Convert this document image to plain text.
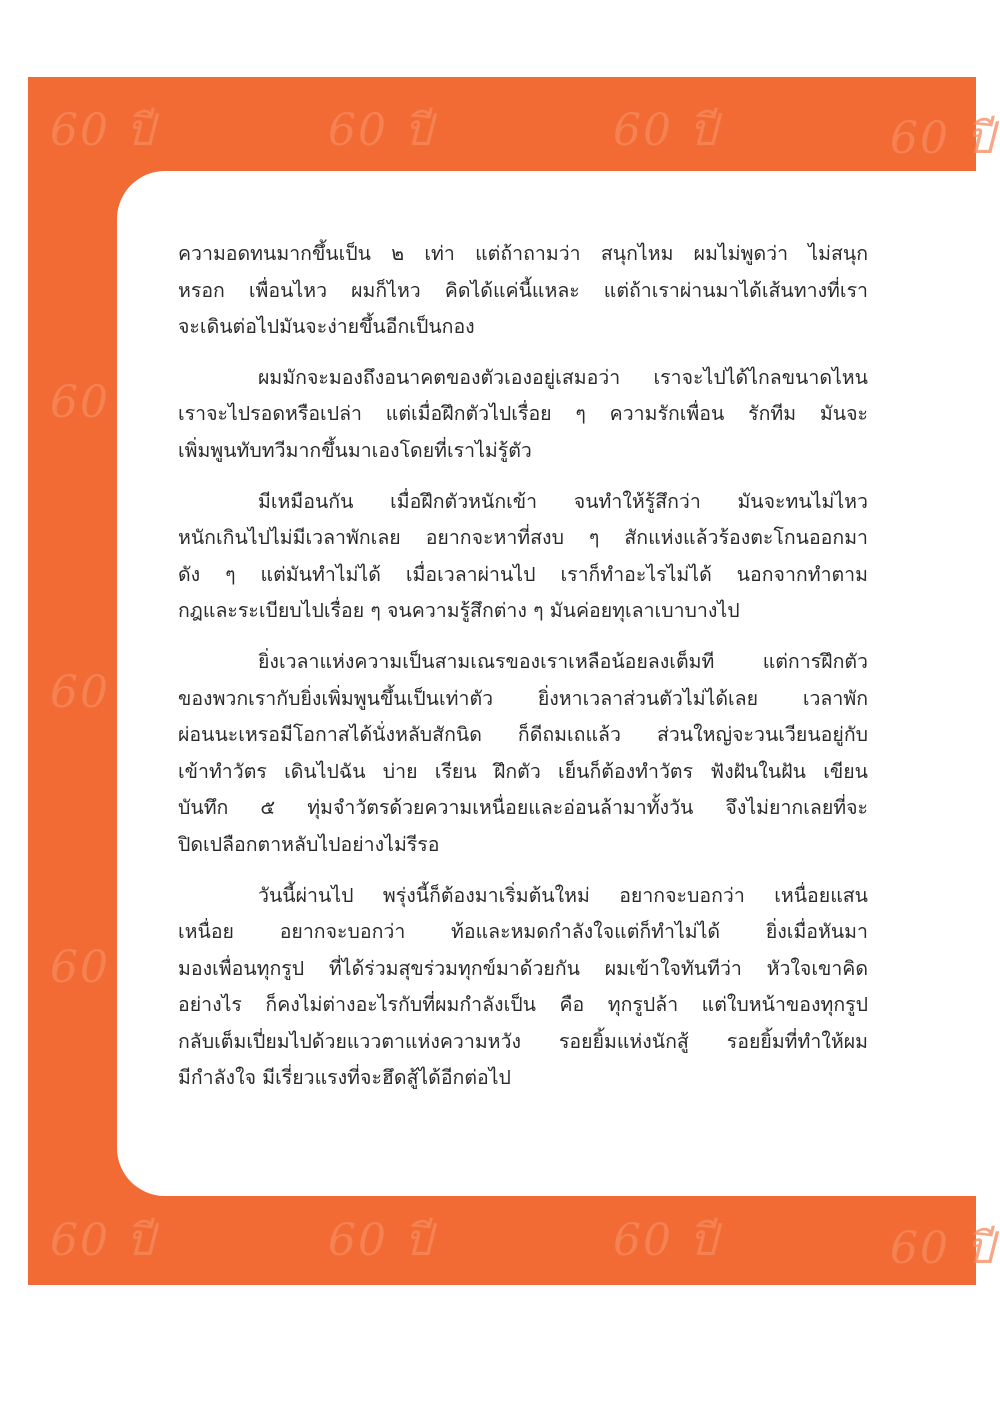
60 ปี	60 ปี	60 ปี	60 ปี
60 ปี	60 ปี	60 ปี	60 ปี
60
60
60
ความอดทนมากขึ้นเป็น ๒ เท่า แต่ถ้าถามว่า สนุกไหม ผมไม่พูดว่า ไม่สนุก
หรอก เพื่อนไหว ผมก็ไหว คิดได้แค่นี้แหละ แต่ถ้าเราผ่านมาได้เส้นทางที่เรา
จะเดินต่อไปมันจะง่ายขึ้นอีกเป็นกอง
ผมมักจะมองถึงอนาคตของตัวเองอยู่เสมอว่า เราจะไปได้ไกลขนาดไหน
เราจะไปรอดหรือเปล่า แต่เมื่อฝึกตัวไปเรื่อย ๆ ความรักเพื่อน รักทีม มันจะ
เพิ่มพูนทับทวีมากขึ้นมาเองโดยที่เราไม่รู้ตัว
มีเหมือนกัน เมื่อฝึกตัวหนักเข้า จนทำให้รู้สึกว่า มันจะทนไม่ไหว
หนักเกินไปไม่มีเวลาพักเลย อยากจะหาที่สงบ ๆ สักแห่งแล้วร้องตะโกนออกมา
ดัง ๆ แต่มันทำไม่ได้ เมื่อเวลาผ่านไป เราก็ทำอะไรไม่ได้ นอกจากทำตาม
กฎและระเบียบไปเรื่อย ๆ จนความรู้สึกต่าง ๆ มันค่อยทุเลาเบาบางไป
ยิ่งเวลาแห่งความเป็นสามเณรของเราเหลือน้อยลงเต็มที แต่การฝึกตัว
ของพวกเรากับยิ่งเพิ่มพูนขึ้นเป็นเท่าตัว ยิ่งหาเวลาส่วนตัวไม่ได้เลย เวลาพัก
ผ่อนนะเหรอมีโอกาสได้นั่งหลับสักนิด ก็ดีถมเถแล้ว ส่วนใหญ่จะวนเวียนอยู่กับ
เข้าทำวัตร เดินไปฉัน บ่าย เรียน ฝึกตัว เย็นก็ต้องทำวัตร ฟังฝันในฝัน เขียน
บันทึก ๕ ทุ่มจำวัตรด้วยความเหนื่อยและอ่อนล้ามาทั้งวัน จึงไม่ยากเลยที่จะ
ปิดเปลือกตาหลับไปอย่างไม่รีรอ
วันนี้ผ่านไป พรุ่งนี้ก็ต้องมาเริ่มต้นใหม่ อยากจะบอกว่า เหนื่อยแสน
เหนื่อย อยากจะบอกว่า ท้อและหมดกำลังใจแต่ก็ทำไม่ได้ ยิ่งเมื่อหันมา
มองเพื่อนทุกรูป ที่ได้ร่วมสุขร่วมทุกข์มาด้วยกัน ผมเข้าใจทันทีว่า หัวใจเขาคิด
อย่างไร ก็คงไม่ต่างอะไรกับที่ผมกำลังเป็น คือ ทุกรูปล้า แต่ใบหน้าของทุกรูป
กลับเต็มเปี่ยมไปด้วยแววตาแห่งความหวัง รอยยิ้มแห่งนักสู้ รอยยิ้มที่ทำให้ผม
มีกำลังใจ มีเรี่ยวแรงที่จะฮึดสู้ได้อีกต่อไป
